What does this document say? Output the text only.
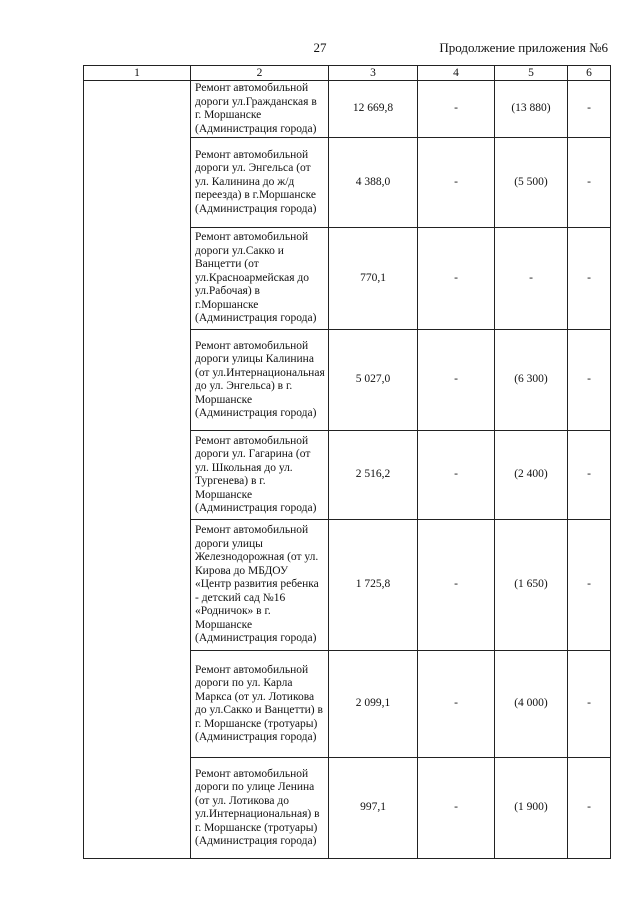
27	Продолжение приложения №6
1	2	3	4	5	6
	Ремонт автомобильной дороги ул.Гражданская в г. Моршанске (Администрация города)	12 669,8	-	(13 880)	-
	Ремонт автомобильной дороги ул. Энгельса (от ул. Калинина до ж/д переезда) в г.Моршанске (Администрация города)	4 388,0	-	(5 500)	-
	Ремонт автомобильной дороги ул.Сакко и Ванцетти (от ул.Красноармейская до ул.Рабочая) в г.Моршанске (Администрация города)	770,1	-	-	-
	Ремонт автомобильной дороги улицы Калинина (от ул.Интернациональная до ул. Энгельса) в г. Моршанске (Администрация города)	5 027,0	-	(6 300)	-
	Ремонт автомобильной дороги ул. Гагарина (от ул. Школьная до ул. Тургенева) в г. Моршанске (Администрация города)	2 516,2	-	(2 400)	-
	Ремонт автомобильной дороги улицы Железнодорожная (от ул. Кирова до МБДОУ «Центр развития ребенка - детский сад №16 «Родничок» в г. Моршанске (Администрация города)	1 725,8	-	(1 650)	-
	Ремонт автомобильной дороги по ул. Карла Маркса (от ул. Лотикова до ул.Сакко и Ванцетти) в г. Моршанске (тротуары) (Администрация города)	2 099,1	-	(4 000)	-
	Ремонт автомобильной дороги по улице Ленина (от ул. Лотикова до ул.Интернациональная) в г. Моршанске (тротуары) (Администрация города)	997,1	-	(1 900)	-
